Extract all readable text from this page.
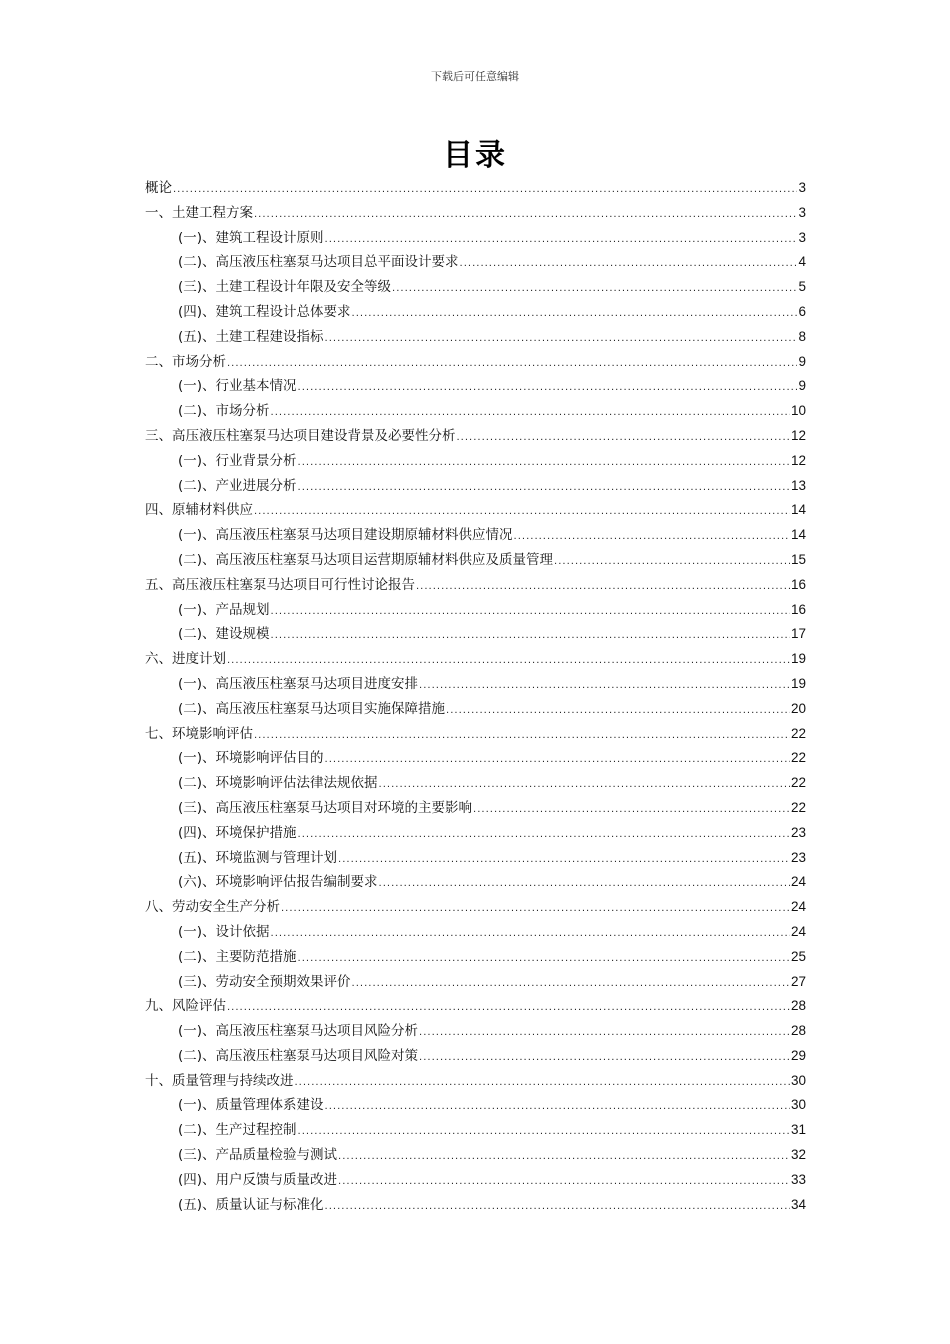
下载后可任意编辑
目录
概论 .....	3
一、土建工程方案 .....	3
(一)、建筑工程设计原则 .....	3
(二)、高压液压柱塞泵马达项目总平面设计要求 .....	4
(三)、土建工程设计年限及安全等级 .....	5
(四)、建筑工程设计总体要求 .....	6
(五)、土建工程建设指标 .....	8
二、市场分析 .....	9
(一)、行业基本情况 .....	9
(二)、市场分析 .....	10
三、高压液压柱塞泵马达项目建设背景及必要性分析 .....	12
(一)、行业背景分析 .....	12
(二)、产业进展分析 .....	13
四、原辅材料供应 .....	14
(一)、高压液压柱塞泵马达项目建设期原辅材料供应情况 .....	14
(二)、高压液压柱塞泵马达项目运营期原辅材料供应及质量管理 .....	15
五、高压液压柱塞泵马达项目可行性讨论报告 .....	16
(一)、产品规划 .....	16
(二)、建设规模 .....	17
六、进度计划 .....	19
(一)、高压液压柱塞泵马达项目进度安排 .....	19
(二)、高压液压柱塞泵马达项目实施保障措施 .....	20
七、环境影响评估 .....	22
(一)、环境影响评估目的 .....	22
(二)、环境影响评估法律法规依据 .....	22
(三)、高压液压柱塞泵马达项目对环境的主要影响 .....	22
(四)、环境保护措施 .....	23
(五)、环境监测与管理计划 .....	23
(六)、环境影响评估报告编制要求 .....	24
八、劳动安全生产分析 .....	24
(一)、设计依据 .....	24
(二)、主要防范措施 .....	25
(三)、劳动安全预期效果评价 .....	27
九、风险评估 .....	28
(一)、高压液压柱塞泵马达项目风险分析 .....	28
(二)、高压液压柱塞泵马达项目风险对策 .....	29
十、质量管理与持续改进 .....	30
(一)、质量管理体系建设 .....	30
(二)、生产过程控制 .....	31
(三)、产品质量检验与测试 .....	32
(四)、用户反馈与质量改进 .....	33
(五)、质量认证与标准化 .....	34
